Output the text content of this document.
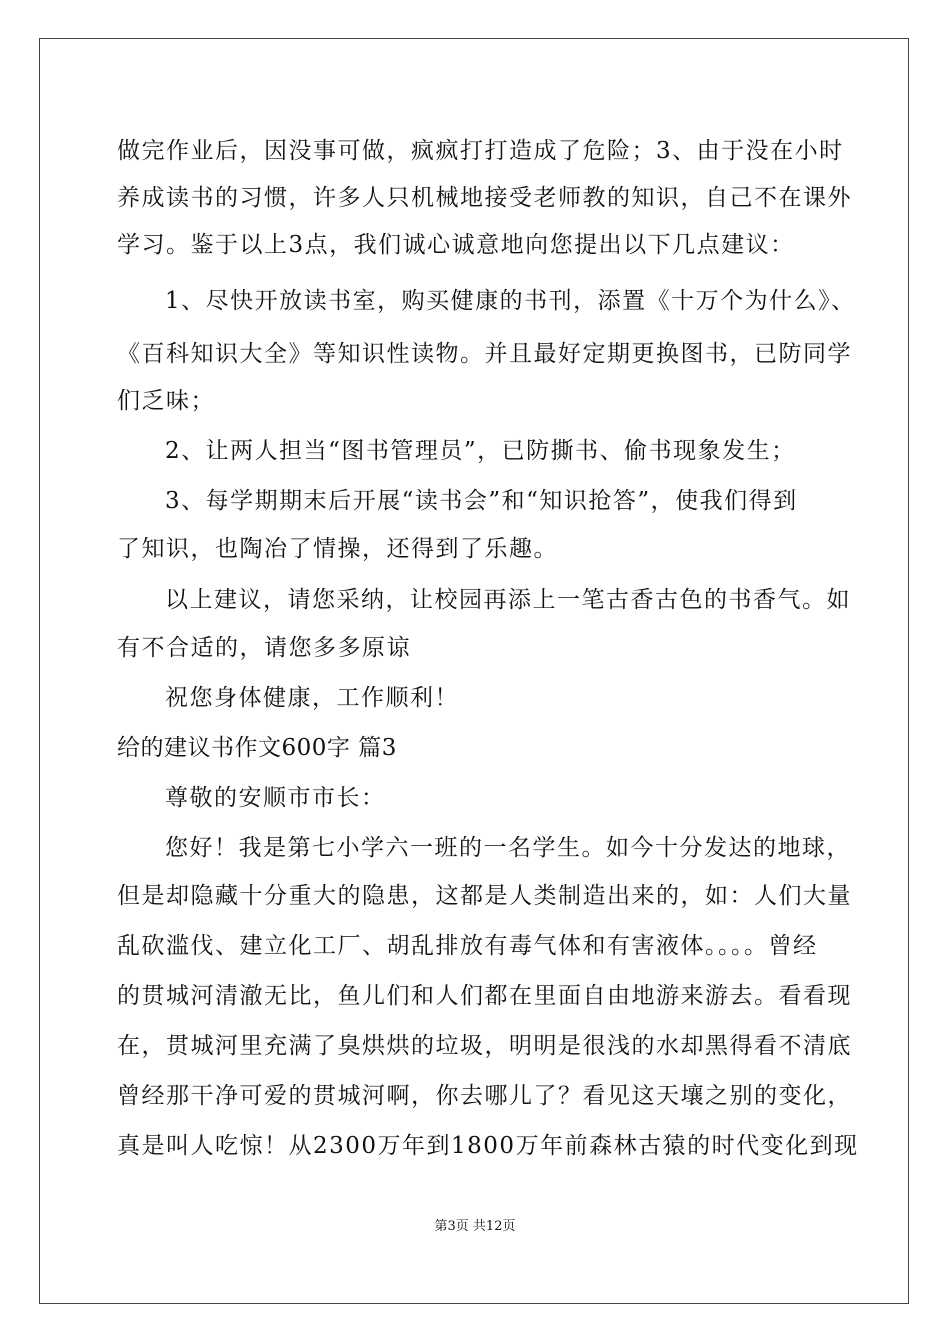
做完作业后，因没事可做，疯疯打打造成了危险；3、由于没在小时
养成读书的习惯，许多人只机械地接受老师教的知识，自己不在课外
学习。鉴于以上3点，我们诚心诚意地向您提出以下几点建议：
1、尽快开放读书室，购买健康的书刊，添置《十万个为什么》、
《百科知识大全》等知识性读物。并且最好定期更换图书，已防同学
们乏味；
2、让两人担当“图书管理员”，已防撕书、偷书现象发生；
3、每学期期末后开展“读书会”和“知识抢答”，使我们得到
了知识，也陶冶了情操，还得到了乐趣。
以上建议，请您采纳，让校园再添上一笔古香古色的书香气。如
有不合适的，请您多多原谅
祝您身体健康，工作顺利！
给的建议书作文600字 篇3
尊敬的安顺市市长：
您好！我是第七小学六一班的一名学生。如今十分发达的地球，
但是却隐藏十分重大的隐患，这都是人类制造出来的，如：人们大量
乱砍滥伐、建立化工厂、胡乱排放有毒气体和有害液体。。。。曾经
的贯城河清澈无比，鱼儿们和人们都在里面自由地游来游去。看看现
在，贯城河里充满了臭烘烘的垃圾，明明是很浅的水却黑得看不清底
曾经那干净可爱的贯城河啊，你去哪儿了？看见这天壤之别的变化，
真是叫人吃惊！从2300万年到1800万年前森林古猿的时代变化到现
第3页 共12页
